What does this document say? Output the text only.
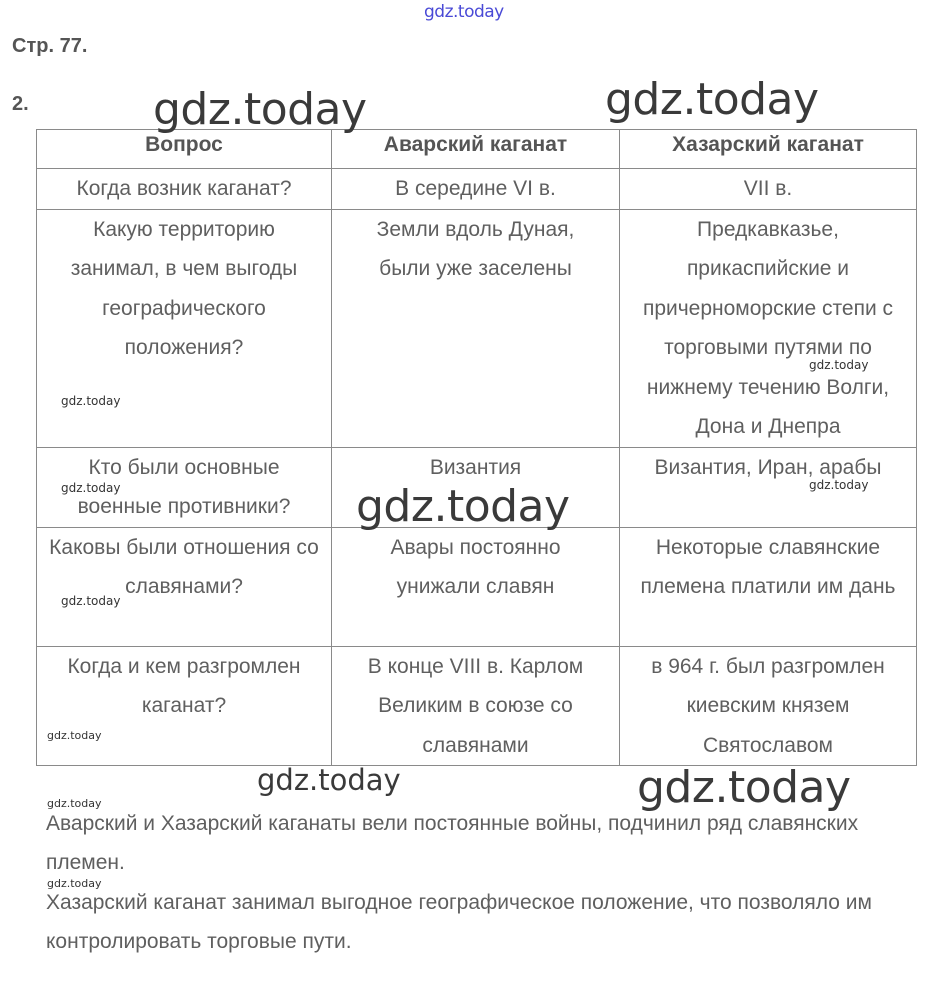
gdz.today
Стр. 77.
2.
Вопрос	Аварский каганат	Хазарский каганат
Когда возник каганат?	В середине VI в.	VII в.
Какую территорию занимал, в чем выгоды географического положения?	Земли вдоль Дуная, были уже заселены	Предкавказье, прикаспийские и причерноморские степи с торговыми путями по нижнему течению Волги, Дона и Днепра
Кто были основные военные противники?	Византия	Византия, Иран, арабы
Каковы были отношения со славянами?	Авары постоянно унижали славян	Некоторые славянские племена платили им дань
Когда и кем разгромлен каганат?	В конце VIII в. Карлом Великим в союзе со славянами	в 964 г. был разгромлен киевским князем Святославом
Аварский и Хазарский каганаты вели постоянные войны, подчинил ряд славянских племен.
Хазарский каганат занимал выгодное географическое положение, что позволяло им контролировать торговые пути.
gdz.today	gdz.today
gdz.today
gdz.today
gdz.today
gdz.today
gdz.today
gdz.today	gdz.today
gdz.today
gdz.today
gdz.today
gdz.today
